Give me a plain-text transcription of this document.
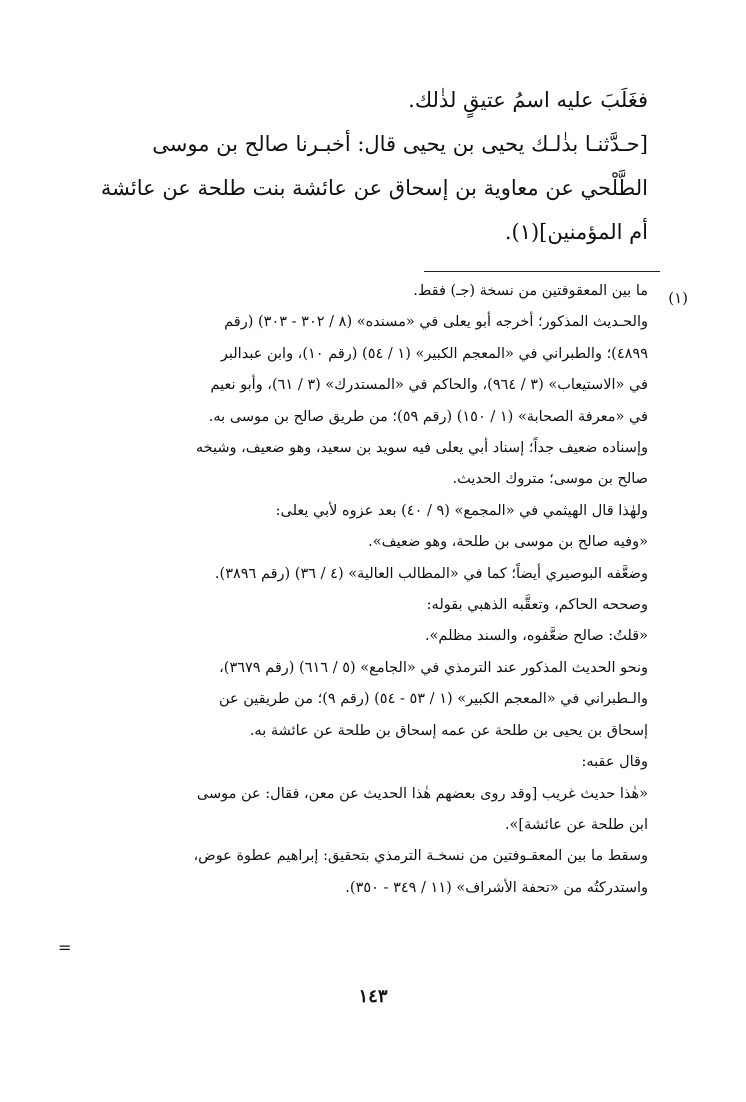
فغَلَبَ عليه اسمُ عتيقٍ لذٰلك.

[حـدَّثنـا بذٰلـك يحيى بن يحيى قال: أخبـرنا صالح بن موسى

الطَّلْحي عن معاوية بن إسحاق عن عائشة بنت طلحة عن عائشة

أم المؤمنين](١).

(١)

ما بين المعقوفتين من نسخة (جـ) فقط.

والحـديث المذكور؛ أخرجه أبو يعلى في «مسنده» (٨ / ٣٠٢ - ٣٠٣) (رقم

٤٨٩٩)؛ والطبراني في «المعجم الكبير» (١ / ٥٤) (رقم ١٠)، وابن عبدالبر

في «الاستيعاب» (٣ / ٩٦٤)، والحاكم في «المستدرك» (٣ / ٦١)، وأبو نعيم

في «معرفة الصحابة» (١ / ١٥٠) (رقم ٥٩)؛ من طريق صالح بن موسى به.

وإسناده ضعيف جداً؛ إسناد أبي يعلى فيه سويد بن سعيد، وهو ضعيف، وشيخه

صالح بن موسى؛ متروك الحديث.

ولهٰذا قال الهيثمي في «المجمع» (٩ / ٤٠) بعد عزوه لأبي يعلى:

«وفيه صالح بن موسى بن طلحة، وهو ضعيف».

وضعَّفه البوصيري أيضاً؛ كما في «المطالب العالية» (٤ / ٣٦) (رقم ٣٨٩٦).

وصححه الحاكم، وتعقَّبه الذهبي بقوله:

«قلتُ: صالح ضعَّفوه، والسند مظلم».

ونحو الحديث المذكور عند الترمذي في «الجامع» (٥ / ٦١٦) (رقم ٣٦٧٩)،

والـطبراني في «المعجم الكبير» (١ / ٥٣ - ٥٤) (رقم ٩)؛ من طريقين عن

إسحاق بن يحيى بن طلحة عن عمه إسحاق بن طلحة عن عائشة به.

وقال عقبه:

«هٰذا حديث غريب [وقد روى بعضهم هٰذا الحديث عن معن، فقال: عن موسى

ابن طلحة عن عائشة]».

وسقط ما بين المعقـوفتين من نسخـة الترمذي بتحقيق: إبراهيم عطوة عوض،

واستدركتُه من «تحفة الأشراف» (١١ / ٣٤٩ - ٣٥٠).

=
١٤٣
